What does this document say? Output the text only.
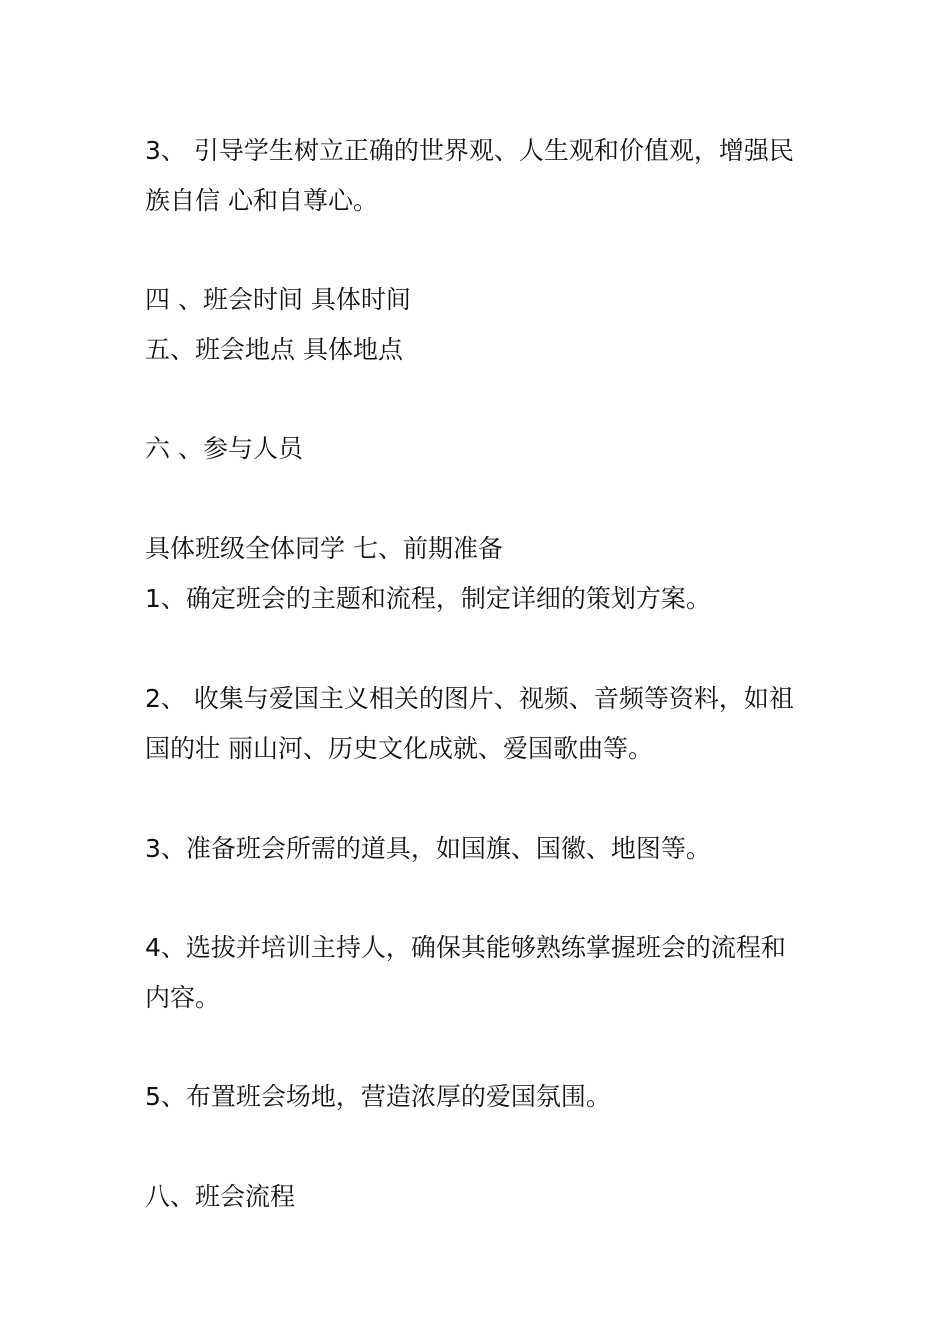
3、 引导学生树立正确的世界观、人生观和价值观，增强民
族自信 心和自尊心。
四 、班会时间 具体时间
五、班会地点 具体地点
六 、参与人员
具体班级全体同学 七、前期准备
1、确定班会的主题和流程，制定详细的策划方案。
2、 收集与爱国主义相关的图片、视频、音频等资料，如祖
国的壮 丽山河、历史文化成就、爱国歌曲等。
3、准备班会所需的道具，如国旗、国徽、地图等。
4、选拔并培训主持人，确保其能够熟练掌握班会的流程和
内容。
5、布置班会场地，营造浓厚的爱国氛围。
八、班会流程
